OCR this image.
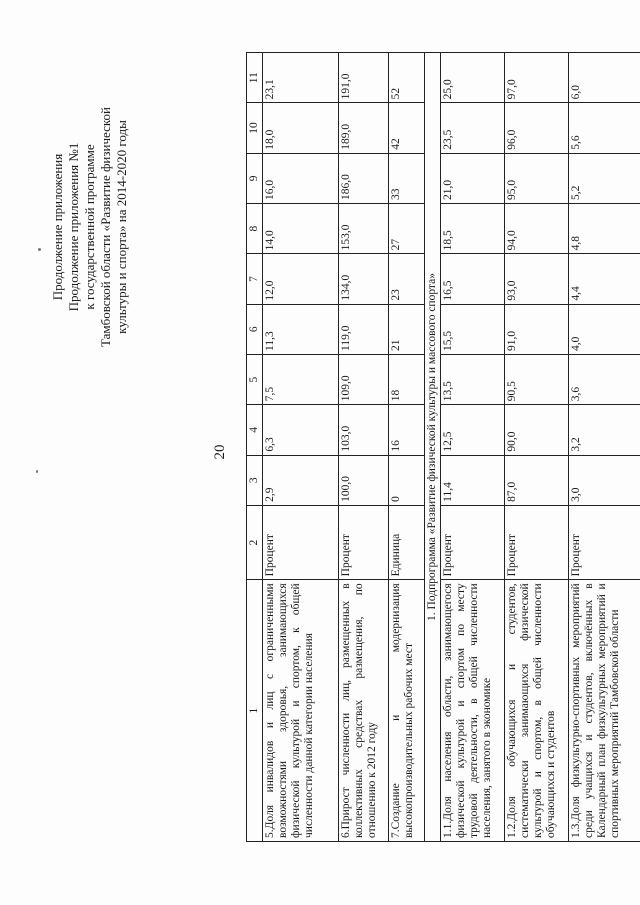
20
Продолжение приложения Продолжение приложения №1 к государственной программе Тамбовской области «Развитие физической культуры и спорта» на 2014-2020 годы
1	2	3	4	5	6	7	8	9	10	11
5.Доля инвалидов и лиц с ограниченными возможностями здоровья, занимающихся физической культурой и спортом, к общей численности данной категории населения	Процент	2,9	6,3	7,5	11,3	12,0	14,0	16,0	18,0	23,1
6.Прирост численности лиц, размещенных в коллективных средствах размещения, по отношению к 2012 году	Процент	100,0	103,0	109,0	119,0	134,0	153,0	186,0	189,0	191,0
7.Создание и модернизация высокопроизводительных рабочих мест	Единица	0	16	18	21	23	27	33	42	52
1. Подпрограмма «Развитие физической культуры и массового спорта»										
1.1.Доля населения области, занимающегося физической культурой и спортом по месту трудовой деятельности, в общей численности населения, занятого в экономике	Процент	11,4	12,5	13,5	15,5	16,5	18,5	21,0	23,5	25,0
1.2.Доля обучающихся и студентов, систематически занимающихся физической культурой и спортом, в общей численности обучающихся и студентов	Процент	87,0	90,0	90,5	91,0	93,0	94,0	95,0	96,0	97,0
1.3.Доля физкультурно-спортивных мероприятий среди учащихся и студентов, включённых в Календарный план физкультурных мероприятий и спортивных мероприятий Тамбовской области	Процент	3,0	3,2	3,6	4,0	4,4	4,8	5,2	5,6	6,0
